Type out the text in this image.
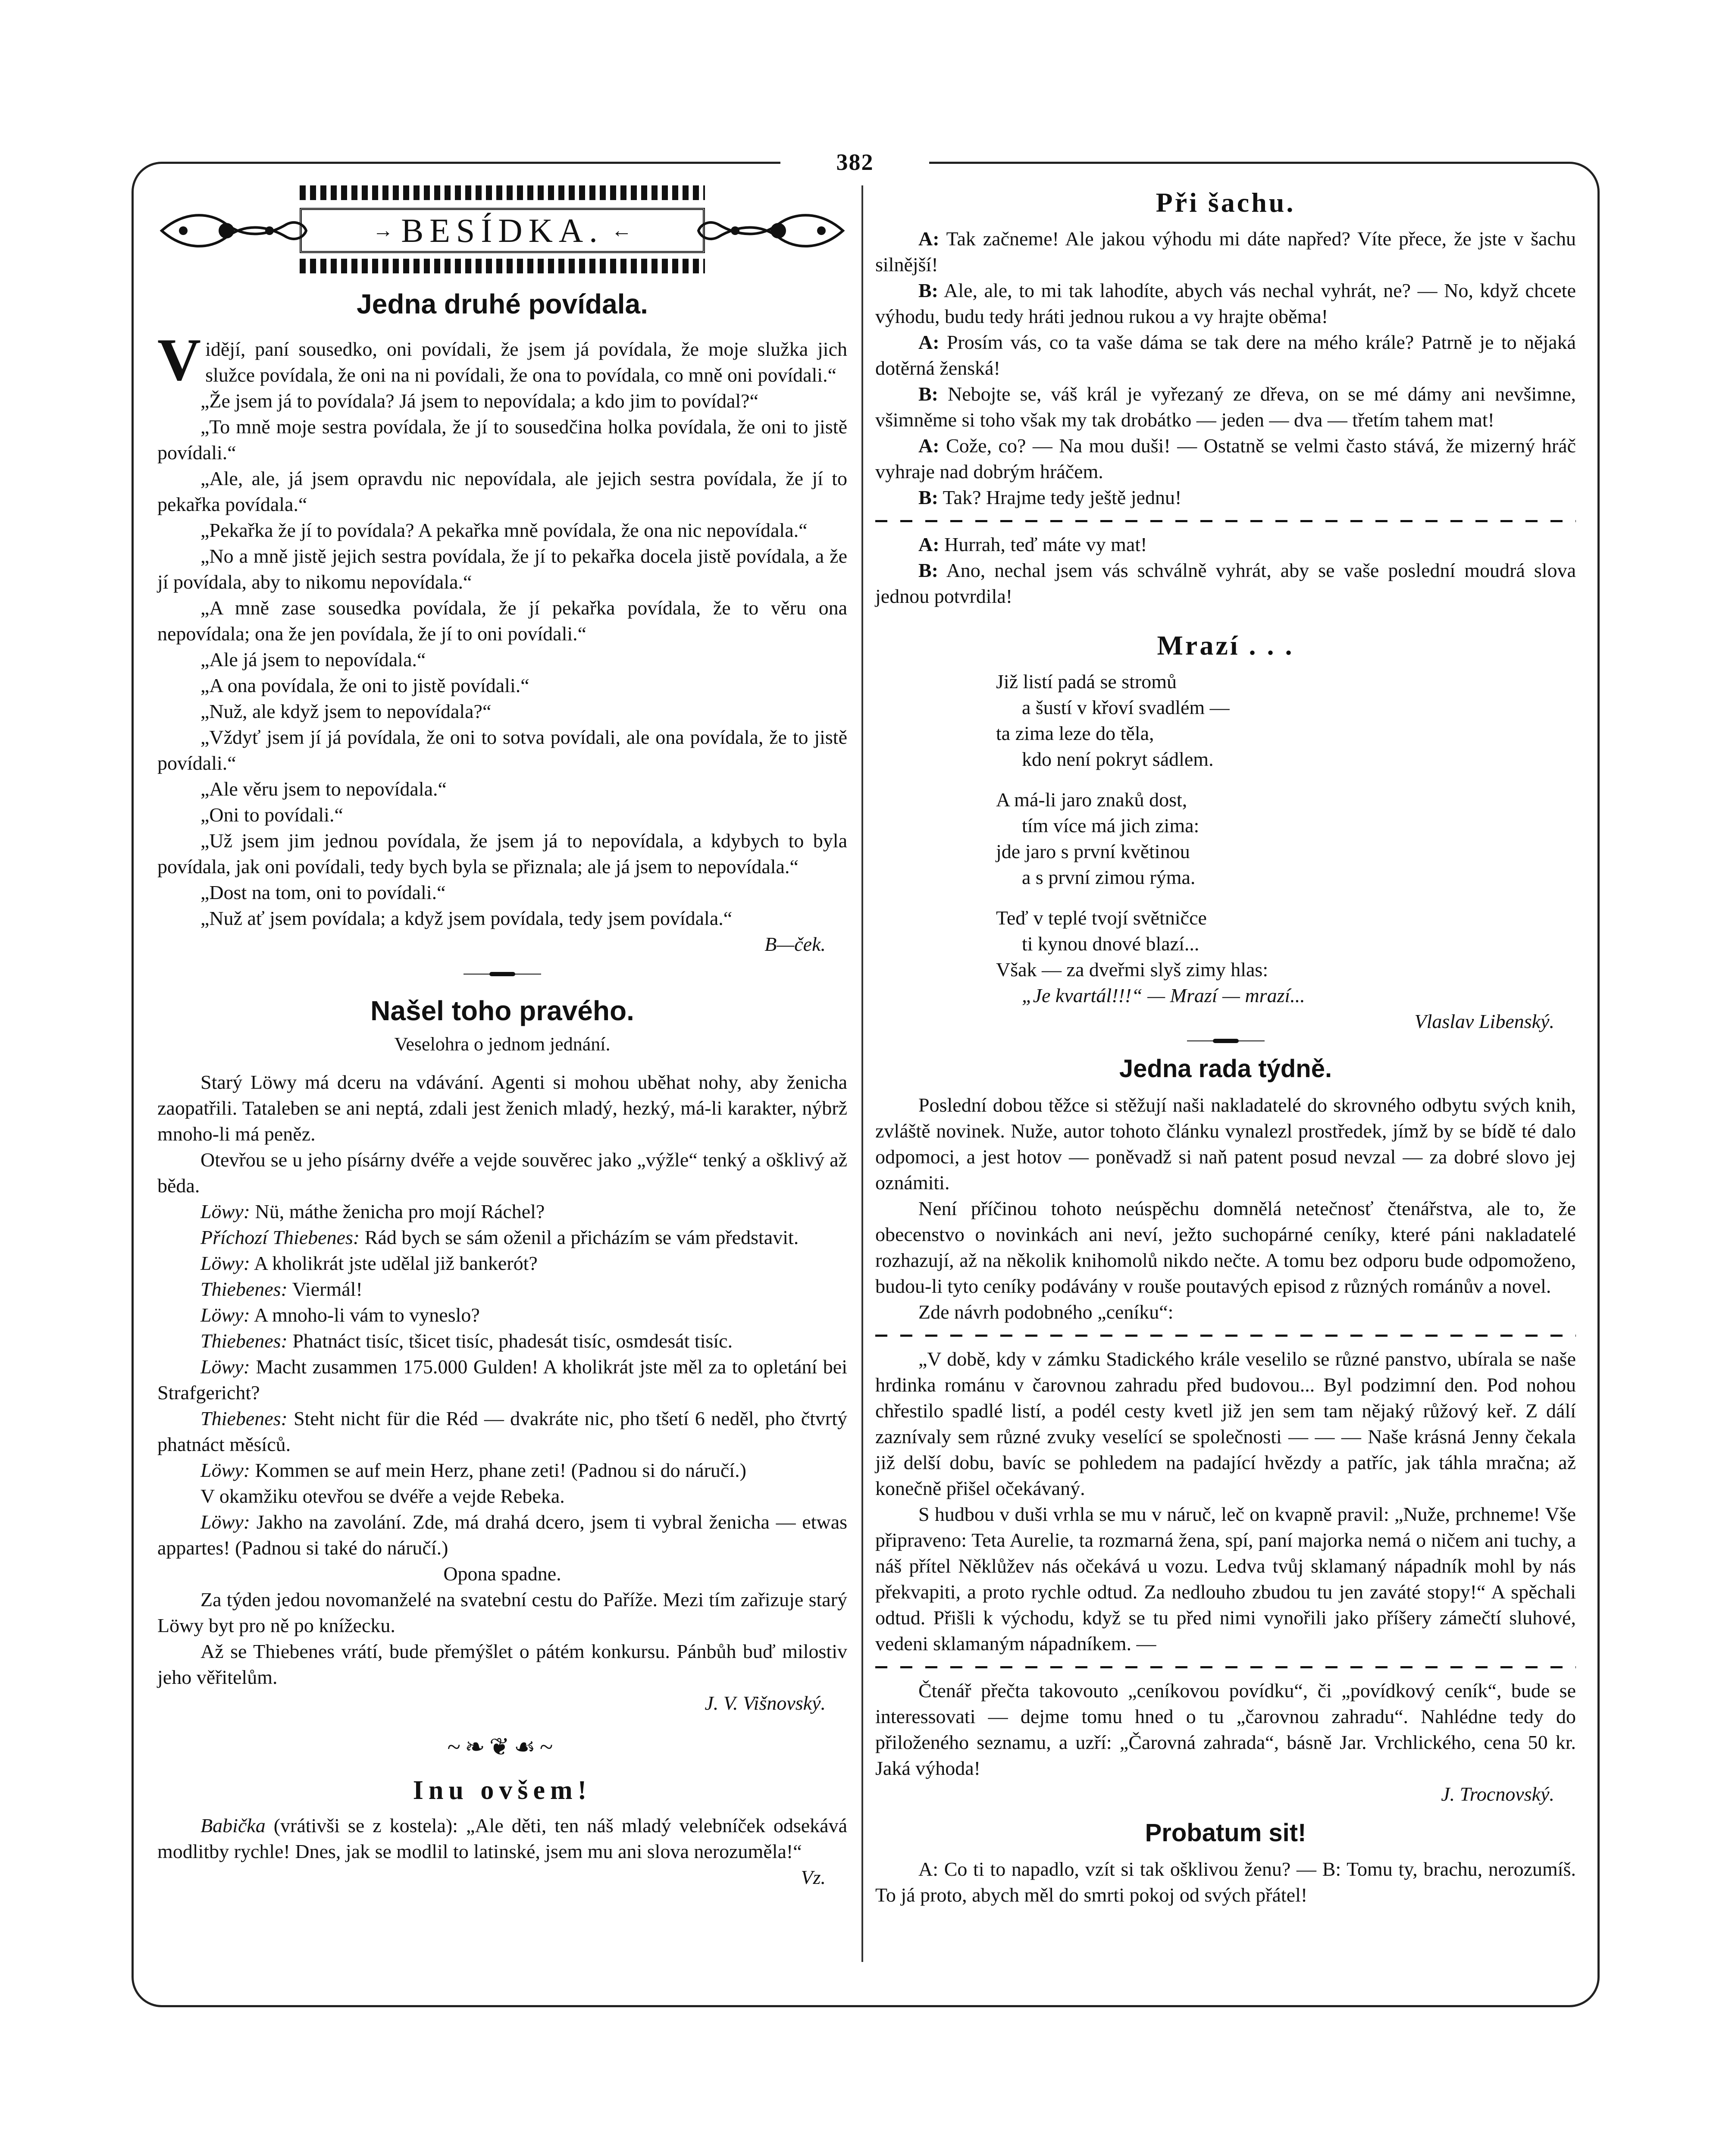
382
→ BESÍDKA. ←
Jedna druhé povídala.

Vidějí, paní sousedko, oni povídali, že jsem já povídala, že moje služka jich služce povídala, že oni na ni povídali, že ona to povídala, co mně oni povídali.“

„Že jsem já to povídala? Já jsem to nepovídala; a kdo jim to povídal?“

„To mně moje sestra povídala, že jí to sousedčina holka povídala, že oni to jistě povídali.“

„Ale, ale, já jsem opravdu nic nepovídala, ale jejich sestra povídala, že jí to pekařka povídala.“

„Pekařka že jí to povídala? A pekařka mně povídala, že ona nic nepovídala.“

„No a mně jistě jejich sestra povídala, že jí to pekařka docela jistě povídala, a že jí povídala, aby to nikomu nepovídala.“

„A mně zase sousedka povídala, že jí pekařka povídala, že to věru ona nepovídala; ona že jen povídala, že jí to oni povídali.“

„Ale já jsem to nepovídala.“

„A ona povídala, že oni to jistě povídali.“

„Nuž, ale když jsem to nepovídala?“

„Vždyť jsem jí já povídala, že oni to sotva povídali, ale ona povídala, že to jistě povídali.“

„Ale věru jsem to nepovídala.“

„Oni to povídali.“

„Už jsem jim jednou povídala, že jsem já to nepovídala, a kdybych to byla povídala, jak oni povídali, tedy bych byla se přiznala; ale já jsem to nepovídala.“

„Dost na tom, oni to povídali.“

„Nuž ať jsem povídala; a když jsem povídala, tedy jsem povídala.“

B—ček.
Našel toho pravého.
Veselohra o jednom jednání.

Starý Löwy má dceru na vdávání. Agenti si mohou uběhat nohy, aby ženicha zaopatřili. Tataleben se ani neptá, zdali jest ženich mladý, hezký, má-li karakter, nýbrž mnoho-li má peněz.

Otevřou se u jeho písárny dvéře a vejde souvěrec jako „výžle“ tenký a ošklivý až běda.

Löwy: Nü, máthe ženicha pro mojí Ráchel?

Příchozí Thiebenes: Rád bych se sám oženil a přicházím se vám představit.

Löwy: A kholikrát jste udělal již bankerót?

Thiebenes: Viermál!

Löwy: A mnoho-li vám to vyneslo?

Thiebenes: Phatnáct tisíc, tšicet tisíc, phadesát tisíc, osmdesát tisíc.

Löwy: Macht zusammen 175.000 Gulden! A kholikrát jste měl za to opletání bei Strafgericht?

Thiebenes: Steht nicht für die Réd — dvakráte nic, pho tšetí 6 neděl, pho čtvrtý phatnáct měsíců.

Löwy: Kommen se auf mein Herz, phane zeti! (Padnou si do náručí.)

V okamžiku otevřou se dvéře a vejde Rebeka.

Löwy: Jakho na zavolání. Zde, má drahá dcero, jsem ti vybral ženicha — etwas appartes! (Padnou si také do náručí.)

Opona spadne.

Za týden jedou novomanželé na svatební cestu do Paříže. Mezi tím zařizuje starý Löwy byt pro ně po knížecku.

Až se Thiebenes vrátí, bude přemýšlet o pátém konkursu. Pánbůh buď milostiv jeho věřitelům.

J. V. Višnovský.
~❧❦☙~
Inu ovšem!

Babička (vrátivši se z kostela): „Ale děti, ten náš mladý velebníček odsekává modlitby rychle! Dnes, jak se modlil to latinské, jsem mu ani slova nerozuměla!“

Vz.
Při šachu.

A: Tak začneme! Ale jakou výhodu mi dáte napřed? Víte přece, že jste v šachu silnější!

B: Ale, ale, to mi tak lahodíte, abych vás nechal vyhrát, ne? — No, když chcete výhodu, budu tedy hráti jednou rukou a vy hrajte oběma!

A: Prosím vás, co ta vaše dáma se tak dere na mého krále? Patrně je to nějaká dotěrná ženská!

B: Nebojte se, váš král je vyřezaný ze dřeva, on se mé dámy ani nevšimne, všimněme si toho však my tak drobátko — jeden — dva — třetím tahem mat!

A: Cože, co? — Na mou duši! — Ostatně se velmi často stává, že mizerný hráč vyhraje nad dobrým hráčem.

B: Tak? Hrajme tedy ještě jednu!

A: Hurrah, teď máte vy mat!

B: Ano, nechal jsem vás schválně vyhrát, aby se vaše poslední moudrá slova jednou potvrdila!

Mrazí . . .
Již listí padá se stromů
a šustí v křoví svadlém —
ta zima leze do těla,
kdo není pokryt sádlem.
A má-li jaro znaků dost,
tím více má jich zima:
jde jaro s první květinou
a s první zimou rýma.
Teď v teplé tvojí světničce
ti kynou dnové blazí...
Však — za dveřmi slyš zimy hlas:
„Je kvartál!!!“ — Mrazí — mrazí...
Vlaslav Libenský.
Jedna rada týdně.

Poslední dobou těžce si stěžují naši nakladatelé do skrovného odbytu svých knih, zvláště novinek. Nuže, autor tohoto článku vynalezl prostředek, jímž by se bídě té dalo odpomoci, a jest hotov — poněvadž si naň patent posud nevzal — za dobré slovo jej oznámiti.

Není příčinou tohoto neúspěchu domnělá netečnosť čtenářstva, ale to, že obecenstvo o novinkách ani neví, ježto suchopárné ceníky, které páni nakladatelé rozhazují, až na několik knihomolů nikdo nečte. A tomu bez odporu bude odpomoženo, budou-li tyto ceníky podávány v rouše poutavých episod z různých románův a novel.

Zde návrh podobného „ceníku“:

„V době, kdy v zámku Stadického krále veselilo se různé panstvo, ubírala se naše hrdinka románu v čarovnou zahradu před budovou... Byl podzimní den. Pod nohou chřestilo spadlé listí, a podél cesty kvetl již jen sem tam nějaký růžový keř. Z dálí zaznívaly sem různé zvuky veselící se společnosti — — — Naše krásná Jenny čekala již delší dobu, bavíc se pohledem na padající hvězdy a patříc, jak táhla mračna; až konečně přišel očekávaný.

S hudbou v duši vrhla se mu v náruč, leč on kvapně pravil: „Nuže, prchneme! Vše připraveno: Teta Aurelie, ta rozmarná žena, spí, paní majorka nemá o ničem ani tuchy, a náš přítel Něklůžev nás očekává u vozu. Ledva tvůj sklamaný nápadník mohl by nás překvapiti, a proto rychle odtud. Za nedlouho zbudou tu jen zaváté stopy!“ A spěchali odtud. Přišli k východu, když se tu před nimi vynořili jako příšery zámečtí sluhové, vedeni sklamaným nápadníkem. —

Čtenář přečta takovouto „ceníkovou povídku“, či „povídkový ceník“, bude se interessovati — dejme tomu hned o tu „čarovnou zahradu“. Nahlédne tedy do přiloženého seznamu, a uzří: „Čarovná zahrada“, básně Jar. Vrchlického, cena 50 kr. Jaká výhoda!

J. Trocnovský.
Probatum sit!

A: Co ti to napadlo, vzít si tak ošklivou ženu? — B: Tomu ty, brachu, nerozumíš. To já proto, abych měl do smrti pokoj od svých přátel!
